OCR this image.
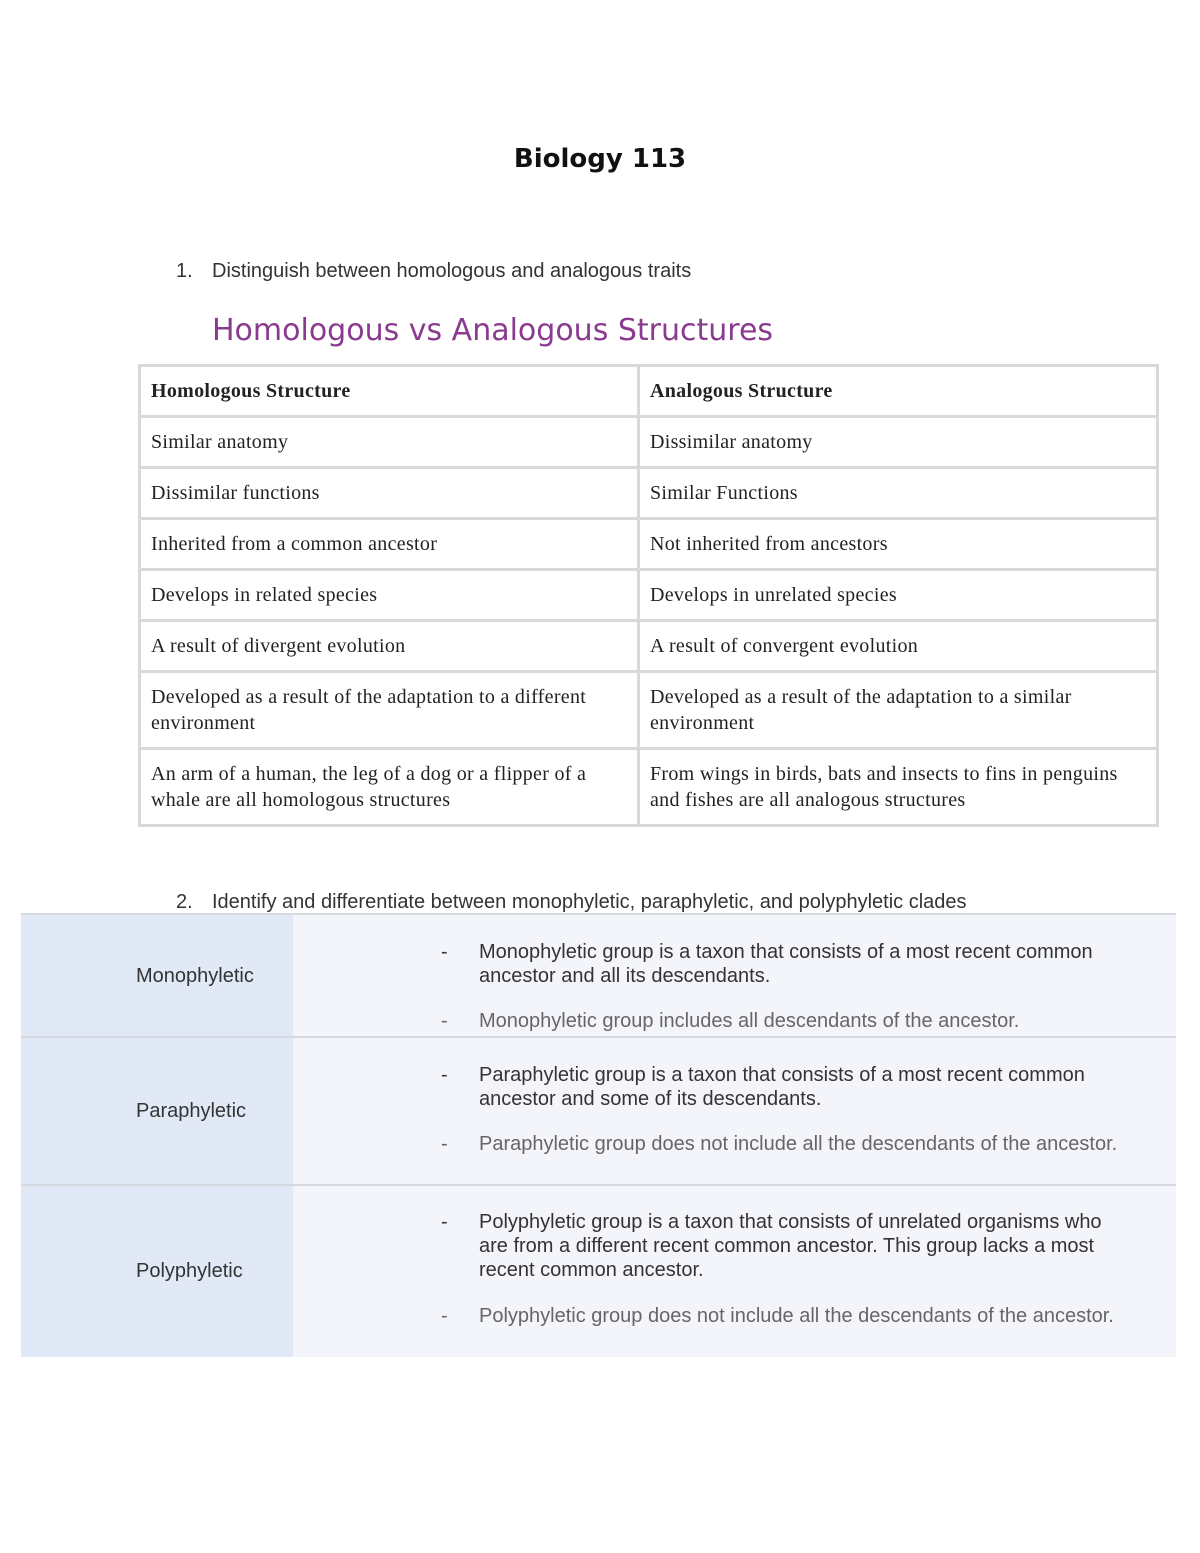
Biology 113
1. Distinguish between homologous and analogous traits
Homologous vs Analogous Structures
Homologous Structure	Analogous Structure
Similar anatomy	Dissimilar anatomy
Dissimilar functions	Similar Functions
Inherited from a common ancestor	Not inherited from ancestors
Develops in related species	Develops in unrelated species
A result of divergent evolution	A result of convergent evolution
Developed as a result of the adaptation to a different environment	Developed as a result of the adaptation to a similar environment
An arm of a human, the leg of a dog or a flipper of a whale are all homologous structures	From wings in birds, bats and insects to fins in penguins and fishes are all analogous structures
2. Identify and differentiate between monophyletic, paraphyletic, and polyphyletic clades
Monophyletic
-	Monophyletic group is a taxon that consists of a most recent common ancestor and all its descendants.
-	Monophyletic group includes all descendants of the ancestor.
Paraphyletic
-	Paraphyletic group is a taxon that consists of a most recent common ancestor and some of its descendants.
-	Paraphyletic group does not include all the descendants of the ancestor.
Polyphyletic
-	Polyphyletic group is a taxon that consists of unrelated organisms who are from a different recent common ancestor. This group lacks a most recent common ancestor.
-	Polyphyletic group does not include all the descendants of the ancestor.
